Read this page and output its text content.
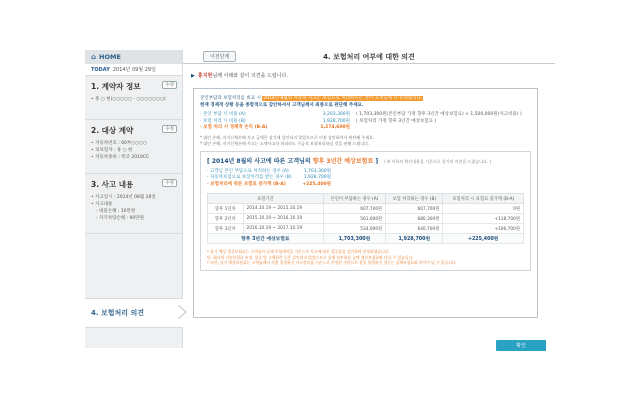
⌂ HOME
TODAY 2014년 09월 29일
1. 계약자 정보	수정
• 홍 ○ 현(○○○○○ - ○○○○○○○)
2. 대상 계약	수정
• 자동차번호 : 60부○○○○
• 피보험자 : 홍 ○ 현
• 자동차종류 : 쪽코 2010CC
3. 사고 내용	수정
• 사고일시 : 2014년 08월 28일
• 사고내용
- 대물손해 : 10만원
- 자기차량손해 : 90만원
4. 보험처리 의견
이전단계	4. 보험처리 여부에 대한 의견
▶ 홍지현 님께 아래와 같이 의견을 드립니다.
본인부담과 보험처리를 비교 시 2014년 8월의 자동차 사고는 보험으로 처리하시는 것이 고객님께 더 유리합니다.
현재 경제적 상황 등을 종합적으로 감안하셔서 고객님께서 최종으로 판단해 주세요.
· 본인 부담 시 비용 (A)	3,203,300원 ( 1,703,300원(본인부담 가정 향후 3년간 예상보험료) + 1,500,000원(사고비용) )
· 보험 처리 시 비용 (B)	1,928,700원 ( 보험처리 가정 향후 3년간 예상보험료 )
· 보험 처리 시 경제적 손익 (B-A)	1,274,600원
* 대인 손해, 자기신체손해 사고 금액은 상기에 감안되지 않았으므로 이점 감안하셔서 판단해 주세요.
* 대인 손해, 자기신체손해 사고는 소액사고라 하더라도 가급적 보험처리하실 것을 권해 드립니다.
[ 2014년 8월의 사고에 따른 고객님의 향후 3년간 예상보험료 ] ( ※ 이하의 완산내용을 기준으로 상기의 의견을 드렸습니다. )
· 고객님 본인 부담으로 처리하는 경우 (A)	1,703,300원
· 자동차보험으로 보상처리를 받는 경우 (B)	1,928,700원
· 보험처리에 따른 보험료 증가액 (B-A)	+225,400원
보험기간		본인이 부담하는 경우 (A)	보험 처리하는 경우 (B)	보험처리 시 보험료 증가액 (B-A)
향후 1년차	2014.10.19 ~ 2015.10.19	607,700원	607,700원	0원
향후 2년차	2015.10.19 ~ 2016.10.19	561,600원	680,300원	+118,700원
향후 3년차	2016.10.19 ~ 2017.10.19	534,000원	640,700원	+106,700원
향후 3년간 예상보험료		1,703,300원	1,928,700원	+225,400원
* 상기 예상 갱신보험료는 고객님의 실제 보험계약을 기준으로 사고에 따른 할증률을 감안하여 산정하였습니다.
단, 회사의 기본보험료 조정, 할증 및 시세하락 등은 감안되지 않았으므로 실제 납부하실 금액 갱신보험료와 다를 수 있습니다.
* 또한, 상기 예상보험료는 고객님께서 직접 입력하신 사고정보를 기준으로 산정된 것이므로 잘못 입력하신 경우는 실제보험료와 차이가 날 수 있습니다.
확인
